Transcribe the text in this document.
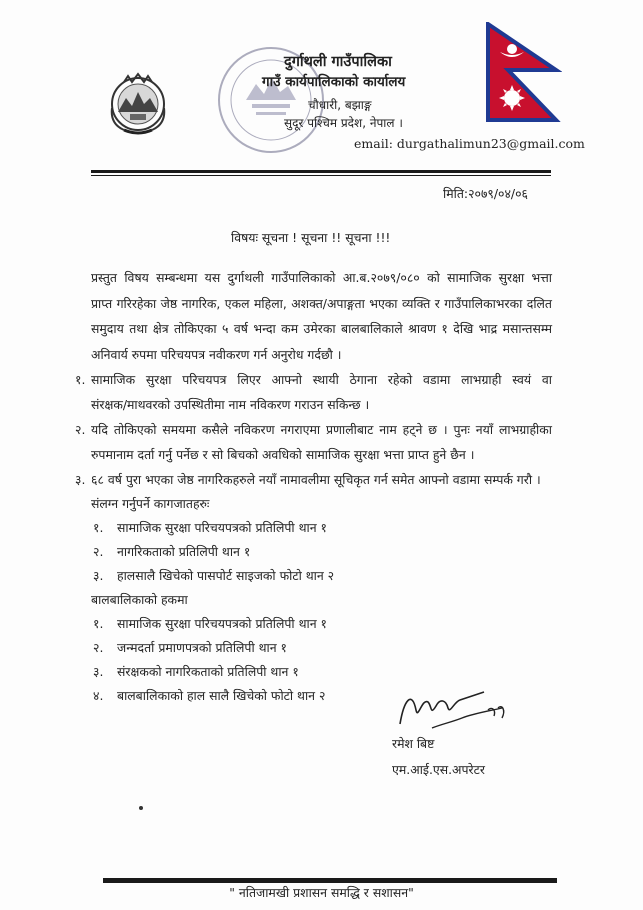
दुर्गाथली गाउँपालिका
गाउँ कार्यपालिकाको कार्यालय
चौधारी, बझाङ्ग
सुदूर पश्चिम प्रदेश, नेपाल ।
email: durgathalimun23@gmail.com
मिति:२०७९/०४/०६
विषयः सूचना ! सूचना !! सूचना !!!
प्रस्तुत विषय सम्बन्धमा यस दुर्गाथली गाउँपालिकाको आ.ब.२०७९/०८० को सामाजिक सुरक्षा भत्ता
प्राप्त गरिरहेका जेष्ठ नागरिक, एकल महिला, अशक्त/अपाङ्गता भएका व्यक्ति र गाउँपालिकाभरका दलित
समुदाय तथा क्षेत्र तोकिएका ५ वर्ष भन्दा कम उमेरका बालबालिकाले श्रावण १ देखि भाद्र मसान्तसम्म
अनिवार्य रुपमा परिचयपत्र नवीकरण गर्न अनुरोध गर्दछौ ।
१. सामाजिक सुरक्षा परिचयपत्र लिएर आफ्नो स्थायी ठेगाना रहेको वडामा लाभग्राही स्वयं वा
संरक्षक/माथवरको उपस्थितीमा नाम नविकरण गराउन सकिन्छ ।
२. यदि तोकिएको समयमा कसैले नविकरण नगराएमा प्रणालीबाट नाम हट्ने छ । पुनः नयाँ लाभग्राहीका
रुपमानाम दर्ता गर्नु पर्नेछ र सो बिचको अवधिको सामाजिक सुरक्षा भत्ता प्राप्त हुने छैन ।
३. ६८ वर्ष पुरा भएका जेष्ठ नागरिकहरुले नयाँ नामावलीमा सूचिकृत गर्न समेत आफ्नो वडामा सम्पर्क गरौ ।
संलग्न गर्नुपर्ने कागजातहरुः
१. सामाजिक सुरक्षा परिचयपत्रको प्रतिलिपी थान १
२. नागरिकताको प्रतिलिपी थान १
३. हालसालै खिचेको पासपोर्ट साइजको फोटो थान २
बालबालिकाको हकमा
१. सामाजिक सुरक्षा परिचयपत्रको प्रतिलिपी थान १
२. जन्मदर्ता प्रमाणपत्रको प्रतिलिपी थान १
३. संरक्षकको नागरिकताको प्रतिलिपी थान १
४. बालबालिकाको हाल सालै खिचेको फोटो थान २
रमेश बिष्ट
एम.आई.एस.अपरेटर
" नतिजामखी प्रशासन समद्धि र सशासन"
